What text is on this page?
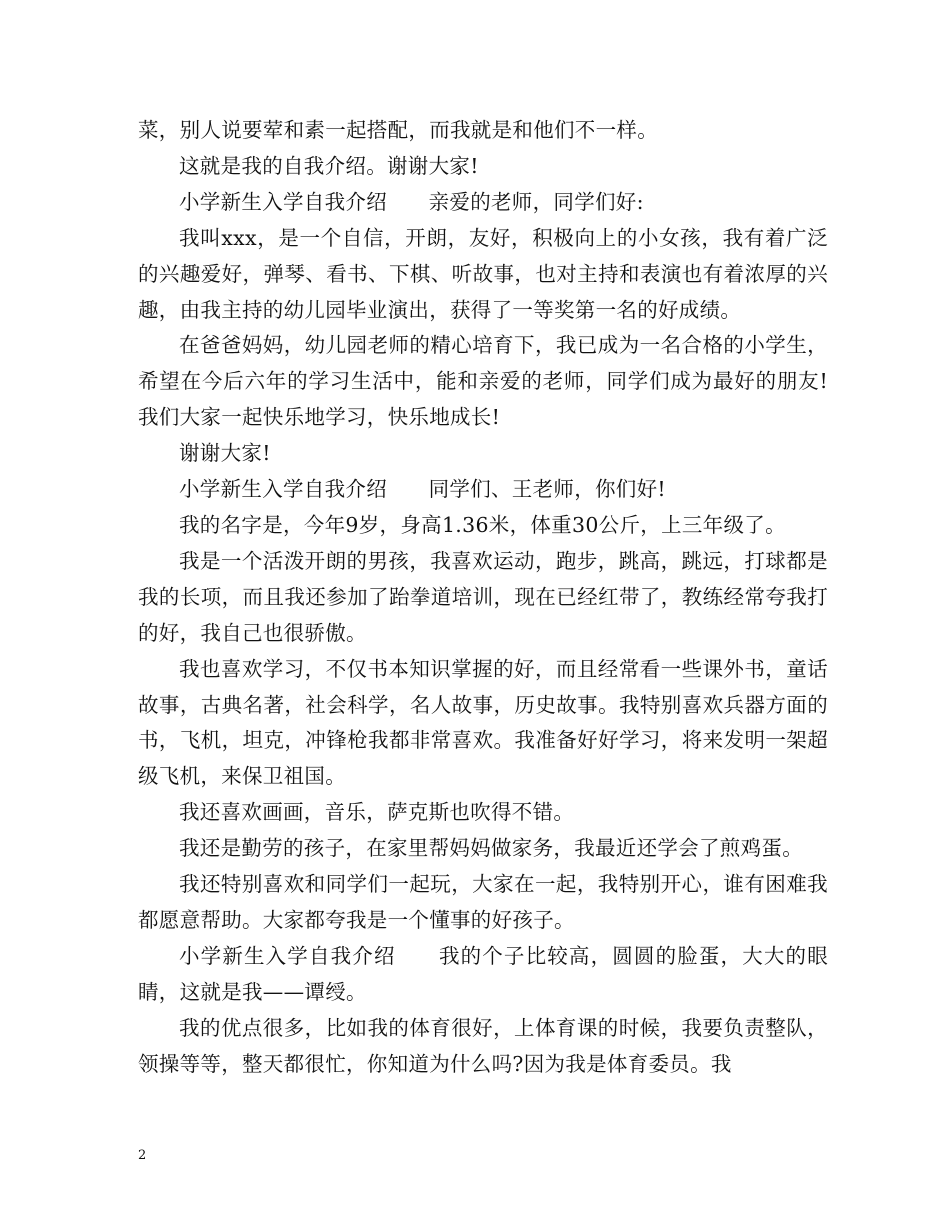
菜，别人说要荤和素一起搭配，而我就是和他们不一样。

这就是我的自我介绍。谢谢大家!

小学新生入学自我介绍　　亲爱的老师，同学们好:

我叫xxx，是一个自信，开朗，友好，积极向上的小女孩，我有着广泛的兴趣爱好，弹琴、看书、下棋、听故事，也对主持和表演也有着浓厚的兴趣，由我主持的幼儿园毕业演出，获得了一等奖第一名的好成绩。

在爸爸妈妈，幼儿园老师的精心培育下，我已成为一名合格的小学生，希望在今后六年的学习生活中，能和亲爱的老师，同学们成为最好的朋友!我们大家一起快乐地学习，快乐地成长!

谢谢大家!

小学新生入学自我介绍　　同学们、王老师，你们好!

我的名字是，今年9岁，身高1.36米，体重30公斤，上三年级了。

我是一个活泼开朗的男孩，我喜欢运动，跑步，跳高，跳远，打球都是我的长项，而且我还参加了跆拳道培训，现在已经红带了，教练经常夸我打的好，我自己也很骄傲。

我也喜欢学习，不仅书本知识掌握的好，而且经常看一些课外书，童话故事，古典名著，社会科学，名人故事，历史故事。我特别喜欢兵器方面的书，飞机，坦克，冲锋枪我都非常喜欢。我准备好好学习，将来发明一架超级飞机，来保卫祖国。

我还喜欢画画，音乐，萨克斯也吹得不错。

我还是勤劳的孩子，在家里帮妈妈做家务，我最近还学会了煎鸡蛋。

我还特别喜欢和同学们一起玩，大家在一起，我特别开心，谁有困难我都愿意帮助。大家都夸我是一个懂事的好孩子。

小学新生入学自我介绍　　我的个子比较高，圆圆的脸蛋，大大的眼睛，这就是我——谭绶。

我的优点很多，比如我的体育很好，上体育课的时候，我要负责整队，领操等等，整天都很忙，你知道为什么吗?因为我是体育委员。我

2
